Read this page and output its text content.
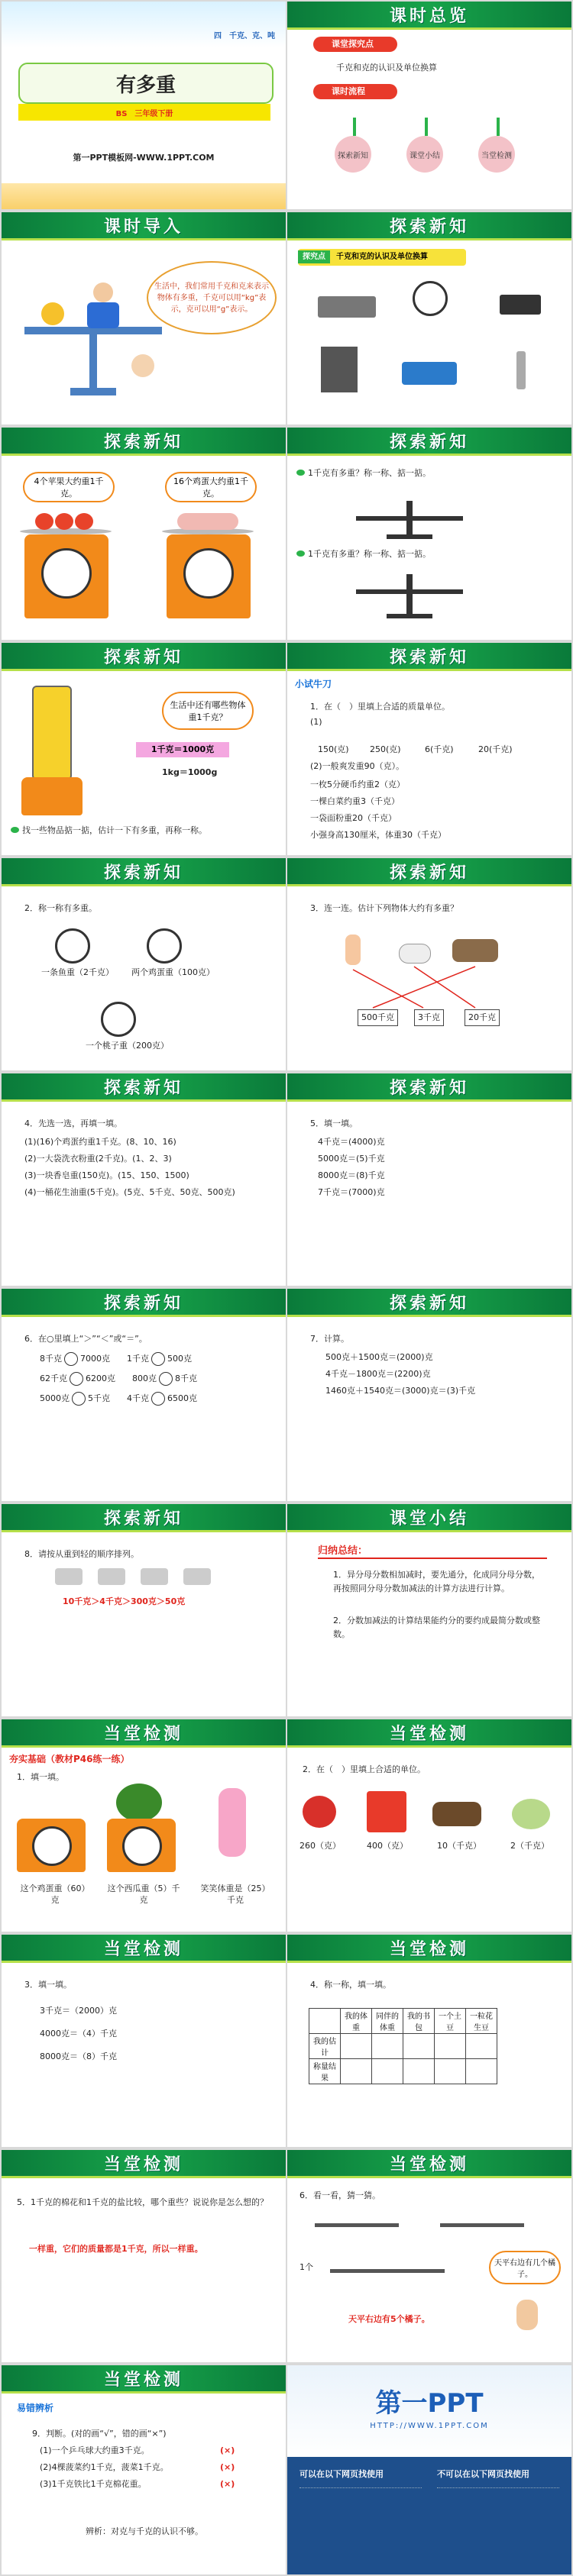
四　千克、克、吨
有多重
BS　三年级下册
第一PPT模板网-WWW.1PPT.COM
课时总览
课堂探究点
千克和克的认识及单位换算
课时流程
探索新知	课堂小结	当堂检测
课时导入
生活中，我们常用千克和克来表示物体有多重，千克可以用“kg”表示，克可以用“g”表示。
探索新知
探究点 千克和克的认识及单位换算
探索新知
4个苹果大约重1千克。
16个鸡蛋大约重1千克。
探索新知
1千克有多重？称一称、掂一掂。
1千克有多重？称一称、掂一掂。
探索新知
生活中还有哪些物体重1千克？
1千克＝1000克
1kg＝1000g
找一些物品掂一掂，估计一下有多重，再称一称。
探索新知
小试牛刀
1．在（　）里填上合适的质量单位。
(1)
150(克) 250(克)	6(千克)	20(千克)
(2)一般爽发重90（克）。
一枚5分硬币约重2（克）
一棵白菜约重3（千克）
一袋面粉重20（千克）
小强身高130厘米，体重30（千克）
探索新知
2．称一称有多重。
一条鱼重（2千克） 两个鸡蛋重（100克）
一个桃子重（200克）
探索新知
3．连一连。估计下列物体大约有多重？
500千克	3千克	20千克
探索新知
4．先选一选，再填一填。
(1)(16)个鸡蛋约重1千克。(8、10、16)
(2)一大袋洗衣粉重(2千克)。(1、2、3)
(3)一块香皂重(150克)。(15、150、1500)
(4)一桶花生油重(5千克)。(5克、5千克、50克、500克)
探索新知
5．填一填。
4千克＝(4000)克
5000克＝(5)千克
8000克＝(8)千克
7千克＝(7000)克
探索新知
6．在○里填上“＞”“＜”或“＝”。
8千克 7000克　　 1千克 500克
62千克 6200克　　 800克 8千克
5000克 5千克　　 4千克 6500克
探索新知
7．计算。
500克＋1500克＝(2000)克
4千克－1800克＝(2200)克
1460克＋1540克＝(3000)克＝(3)千克
探索新知
8．请按从重到轻的顺序排列。
10千克＞4千克＞300克＞50克
课堂小结
归纳总结：
1．异分母分数相加减时，要先通分，化成同分母分数，再按照同分母分数加减法的计算方法进行计算。
2．分数加减法的计算结果能约分的要约成最简分数或整数。
当堂检测
夯实基础（教材P46练一练）
1．填一填。
这个鸡蛋重（60）克
这个西瓜重（5）千克
笑笑体重是（25）千克
当堂检测
2．在（　）里填上合适的单位。
260（克）	400（克）	10（千克）	2（千克）
当堂检测
3．填一填。
3千克＝（2000）克
4000克＝（4）千克
8000克＝（8）千克
当堂检测
4．称一称，填一填。
	我的体重	同伴的体重	我的书包	一个土豆	一粒花生豆
我的估计					
称量结果					
当堂检测
5．1千克的棉花和1千克的盐比较，哪个重些？说说你是怎么想的？
一样重，它们的质量都是1千克，所以一样重。
当堂检测
6．看一看，猜一猜。
1个	天平右边有几个橘子。
天平右边有5个橘子。
当堂检测
易错辨析
9．判断。(对的画“√”，错的画“×”)
(1)一个乒乓球大约重3千克。	(×)
(2)4棵菠菜约1千克，菠菜1千克。	(×)
(3)1千克铁比1千克棉花重。	(×)
辨析：对克与千克的认识不够。
第一PPT
HTTP://WWW.1PPT.COM
可以在以下网页找使用	不可以在以下网页找使用
